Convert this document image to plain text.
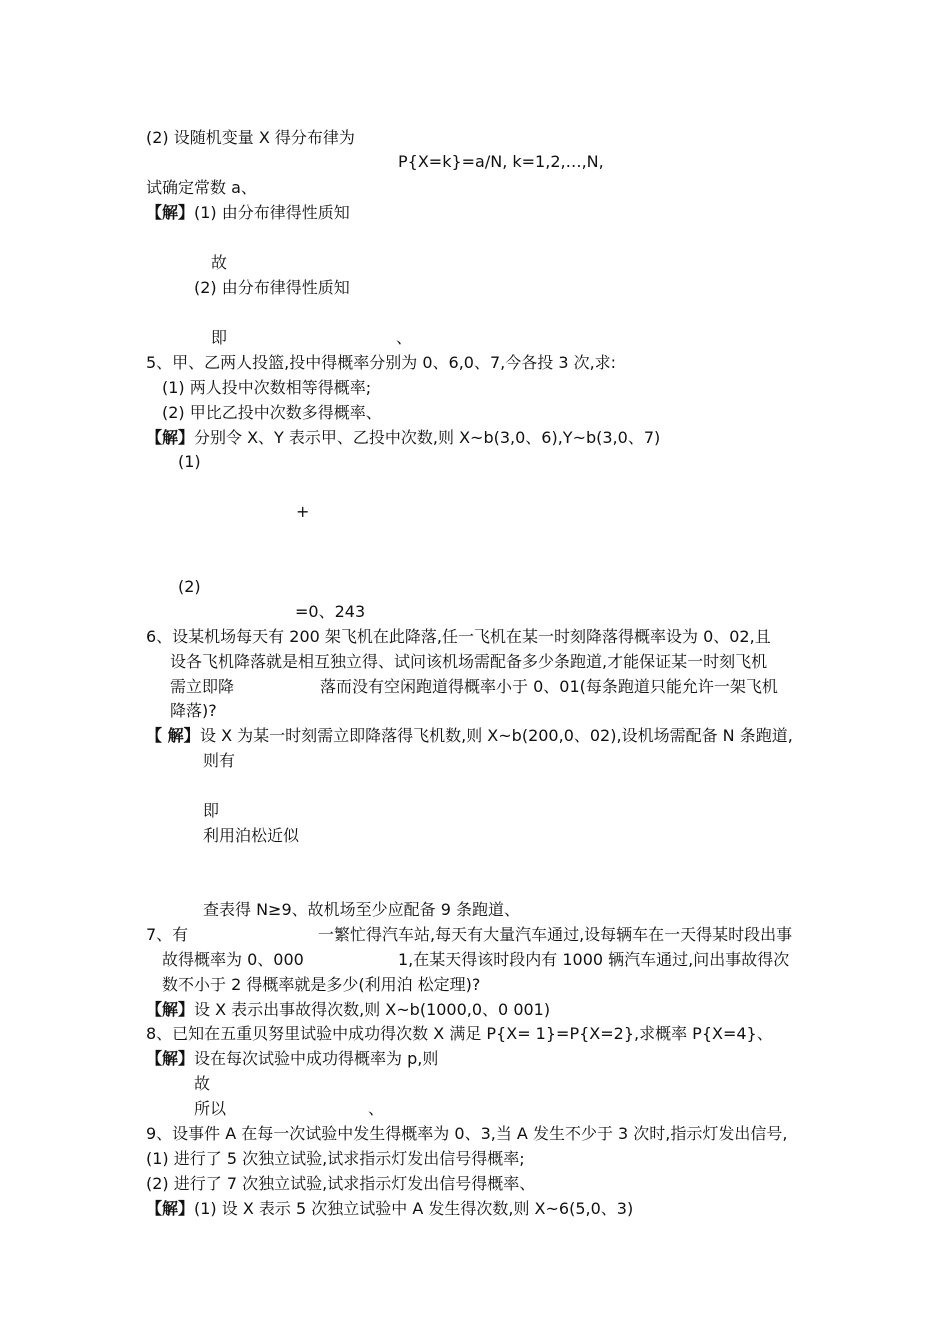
(2) 设随机变量 X 得分布律为
P{X=k}=a/N, k=1,2,…,N,
试确定常数 a、
【解】 (1) 由分布律得性质知
故
(2) 由分布律得性质知
即	、
5、甲、乙两人投篮,投中得概率分别为 0、6,0、7,今各投 3 次,求:
(1) 两人投中次数相等得概率;
(2) 甲比乙投中次数多得概率、
【解】 分别令 X、Y 表示甲、乙投中次数,则 X~b(3,0、6),Y~b(3,0、7)
(1)
+
(2)
=0、243
6、设某机场每天有 200 架飞机在此降落,任一飞机在某一时刻降落得概率设为 0、02,且
设各飞机降落就是相互独立得、试问该机场需配备多少条跑道,才能保证某一时刻飞机
需立即降	落而没有空闲跑道得概率小于 0、01(每条跑道只能允许一架飞机
降落)?
【 解】 设 X 为某一时刻需立即降落得飞机数,则 X~b(200,0、02),设机场需配备 N 条跑道,
则有
即
利用泊松近似
查表得 N≥9、故机场至少应配备 9 条跑道、
7、有	一繁忙得汽车站,每天有大量汽车通过,设每辆车在一天得某时段出事
故得概率为 0、000	1,在某天得该时段内有 1000 辆汽车通过,问出事故得次
数不小于 2 得概率就是多少(利用泊 松定理)?
【解】 设 X 表示出事故得次数,则 X~b(1000,0、0 001)
8、已知在五重贝努里试验中成功得次数 X 满足 P{X= 1}=P{X=2},求概率 P{X=4}、
【解】 设在每次试验中成功得概率为 p,则
故
所以	、
9、设事件 A 在每一次试验中发生得概率为 0、3,当 A 发生不少于 3 次时,指示灯发出信号,
(1) 进行了 5 次独立试验,试求指示灯发出信号得概率;
(2) 进行了 7 次独立试验,试求指示灯发出信号得概率、
【解】 (1) 设 X 表示 5 次独立试验中 A 发生得次数,则 X~6(5,0、3)
